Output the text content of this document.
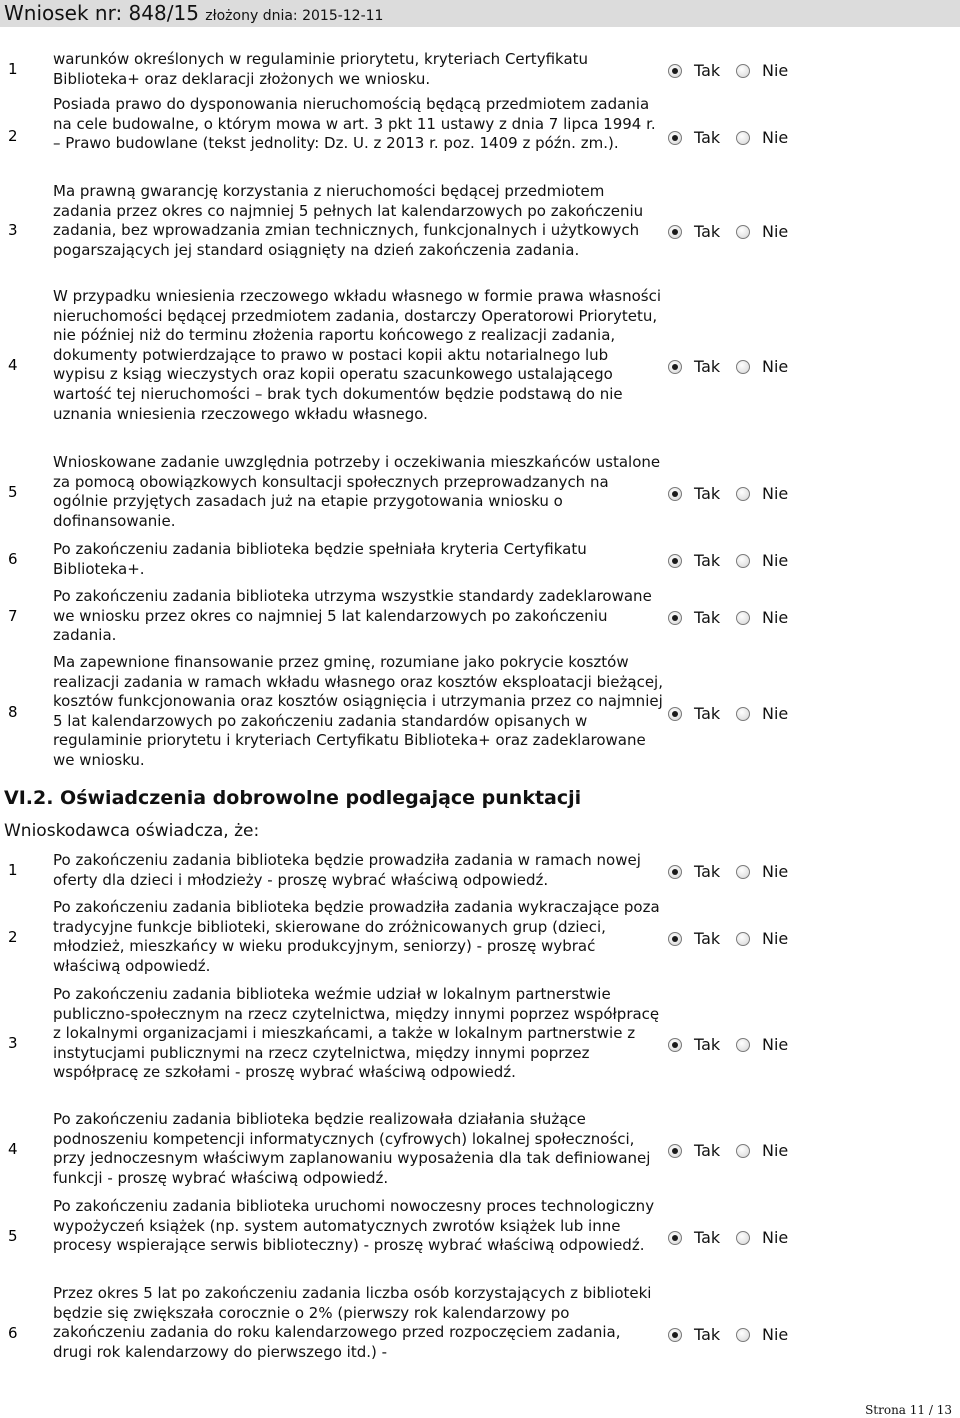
Wniosek nr: 848/15 złożony dnia: 2015-12-11
1
warunków określonych w regulaminie priorytetu, kryteriach Certyfikatu Biblioteka+ oraz deklaracji złożonych we wniosku.	Tak	Nie
2
Posiada prawo do dysponowania nieruchomością będącą przedmiotem zadania na cele budowalne, o którym mowa w art. 3 pkt 11 ustawy z dnia 7 lipca 1994 r. – Prawo budowlane (tekst jednolity: Dz. U. z 2013 r. poz. 1409 z późn. zm.).	Tak	Nie
3
Ma prawną gwarancję korzystania z nieruchomości będącej przedmiotem zadania przez okres co najmniej 5 pełnych lat kalendarzowych po zakończeniu zadania, bez wprowadzania zmian technicznych, funkcjonalnych i użytkowych pogarszających jej standard osiągnięty na dzień zakończenia zadania.
Tak	Nie
4
W przypadku wniesienia rzeczowego wkładu własnego w formie prawa własności nieruchomości będącej przedmiotem zadania, dostarczy Operatorowi Priorytetu, nie później niż do terminu złożenia raportu końcowego z realizacji zadania, dokumenty potwierdzające to prawo w postaci kopii aktu notarialnego lub wypisu z ksiąg wieczystych oraz kopii operatu szacunkowego ustalającego wartość tej nieruchomości – brak tych dokumentów będzie podstawą do nie uznania wniesienia rzeczowego wkładu własnego.
Tak	Nie
5
Wnioskowane zadanie uwzględnia potrzeby i oczekiwania mieszkańców ustalone za pomocą obowiązkowych konsultacji społecznych przeprowadzanych na ogólnie przyjętych zasadach już na etapie przygotowania wniosku o dofinansowanie.
Tak	Nie
6
Po zakończeniu zadania biblioteka będzie spełniała kryteria Certyfikatu Biblioteka+.	Tak	Nie
7
Po zakończeniu zadania biblioteka utrzyma wszystkie standardy zadeklarowane we wniosku przez okres co najmniej 5 lat kalendarzowych po zakończeniu zadania.
Tak	Nie
8
Ma zapewnione finansowanie przez gminę, rozumiane jako pokrycie kosztów realizacji zadania w ramach wkładu własnego oraz kosztów eksploatacji bieżącej, kosztów funkcjonowania oraz kosztów osiągnięcia i utrzymania przez co najmniej 5 lat kalendarzowych po zakończeniu zadania standardów opisanych w regulaminie priorytetu i kryteriach Certyfikatu Biblioteka+ oraz zadeklarowane we wniosku.
Tak	Nie
VI.2. Oświadczenia dobrowolne podlegające punktacji
Wnioskodawca oświadcza, że:
1
Po zakończeniu zadania biblioteka będzie prowadziła zadania w ramach nowej oferty dla dzieci i młodzieży - proszę wybrać właściwą odpowiedź.	Tak	Nie
2
Po zakończeniu zadania biblioteka będzie prowadziła zadania wykraczające poza tradycyjne funkcje biblioteki, skierowane do zróżnicowanych grup (dzieci, młodzież, mieszkańcy w wieku produkcyjnym, seniorzy) - proszę wybrać właściwą odpowiedź.
Tak	Nie
3
Po zakończeniu zadania biblioteka weźmie udział w lokalnym partnerstwie publiczno-społecznym na rzecz czytelnictwa, między innymi poprzez współpracę z lokalnymi organizacjami i mieszkańcami, a także w lokalnym partnerstwie z instytucjami publicznymi na rzecz czytelnictwa, między innymi poprzez współpracę ze szkołami - proszę wybrać właściwą odpowiedź.
Tak	Nie
4
Po zakończeniu zadania biblioteka będzie realizowała działania służące podnoszeniu kompetencji informatycznych (cyfrowych) lokalnej społeczności, przy jednoczesnym właściwym zaplanowaniu wyposażenia dla tak definiowanej funkcji - proszę wybrać właściwą odpowiedź.
Tak	Nie
5
Po zakończeniu zadania biblioteka uruchomi nowoczesny proces technologiczny wypożyczeń książek (np. system automatycznych zwrotów książek lub inne procesy wspierające serwis biblioteczny) - proszę wybrać właściwą odpowiedź.	Tak	Nie
6
Przez okres 5 lat po zakończeniu zadania liczba osób korzystających z biblioteki będzie się zwiększała corocznie o 2% (pierwszy rok kalendarzowy po zakończeniu zadania do roku kalendarzowego przed rozpoczęciem zadania, drugi rok kalendarzowy do pierwszego itd.) -
Tak	Nie
Strona 11 / 13
